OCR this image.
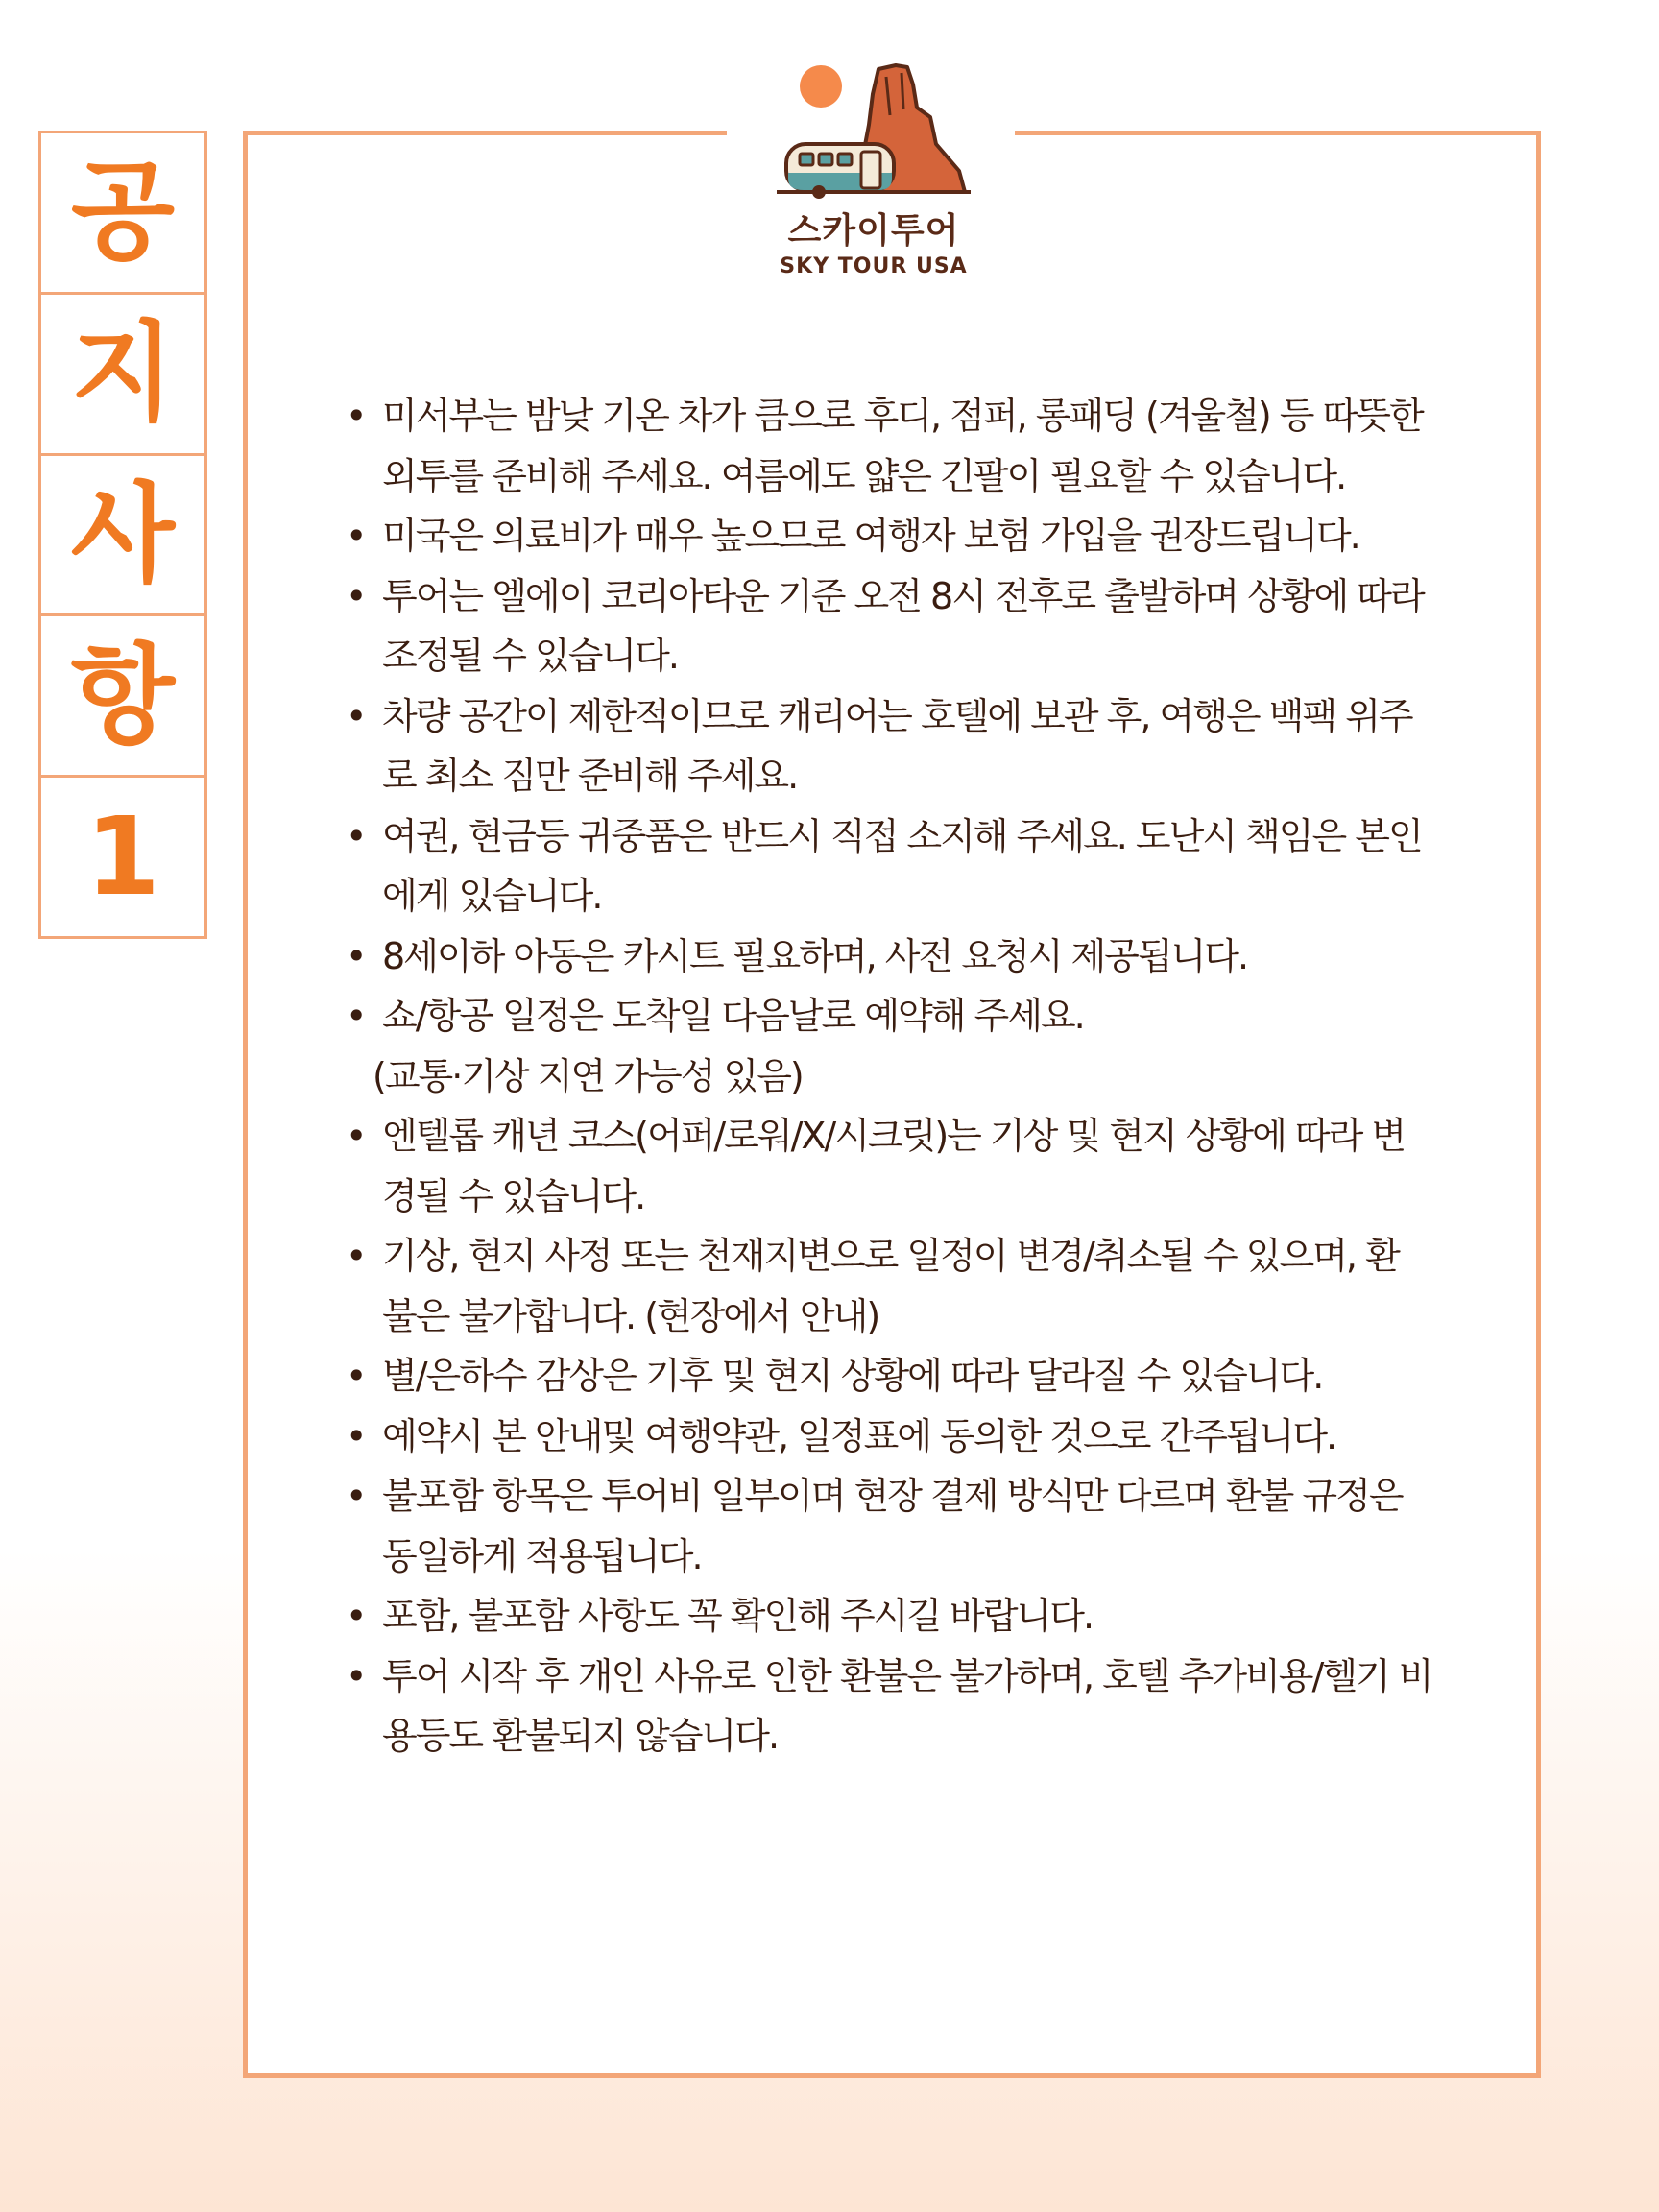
공
지
사
항
1
스카이투어
SKY TOUR USA
• 미서부는 밤낮 기온 차가 큼으로 후디, 점퍼, 롱패딩 (겨울철) 등 따뜻한
외투를 준비해 주세요. 여름에도 얇은 긴팔이 필요할 수 있습니다.
• 미국은 의료비가 매우 높으므로 여행자 보험 가입을 권장드립니다.
• 투어는 엘에이 코리아타운 기준 오전 8시 전후로 출발하며 상황에 따라
조정될 수 있습니다.
• 차량 공간이 제한적이므로 캐리어는 호텔에 보관 후, 여행은 백팩 위주
로 최소 짐만 준비해 주세요.
• 여권, 현금등 귀중품은 반드시 직접 소지해 주세요. 도난시 책임은 본인
에게 있습니다.
• 8세이하 아동은 카시트 필요하며, 사전 요청시 제공됩니다.
• 쇼/항공 일정은 도착일 다음날로 예약해 주세요.
(교통·기상 지연 가능성 있음)
• 엔텔롭 캐년 코스(어퍼/로워/X/시크릿)는 기상 및 현지 상황에 따라 변
경될 수 있습니다.
• 기상, 현지 사정 또는 천재지변으로 일정이 변경/취소될 수 있으며, 환
불은 불가합니다. (현장에서 안내)
• 별/은하수 감상은 기후 및 현지 상황에 따라 달라질 수 있습니다.
• 예약시 본 안내및 여행약관, 일정표에 동의한 것으로 간주됩니다.
• 불포함 항목은 투어비 일부이며 현장 결제 방식만 다르며 환불 규정은
동일하게 적용됩니다.
• 포함, 불포함 사항도 꼭 확인해 주시길 바랍니다.
• 투어 시작 후 개인 사유로 인한 환불은 불가하며, 호텔 추가비용/헬기 비
용등도 환불되지 않습니다.
